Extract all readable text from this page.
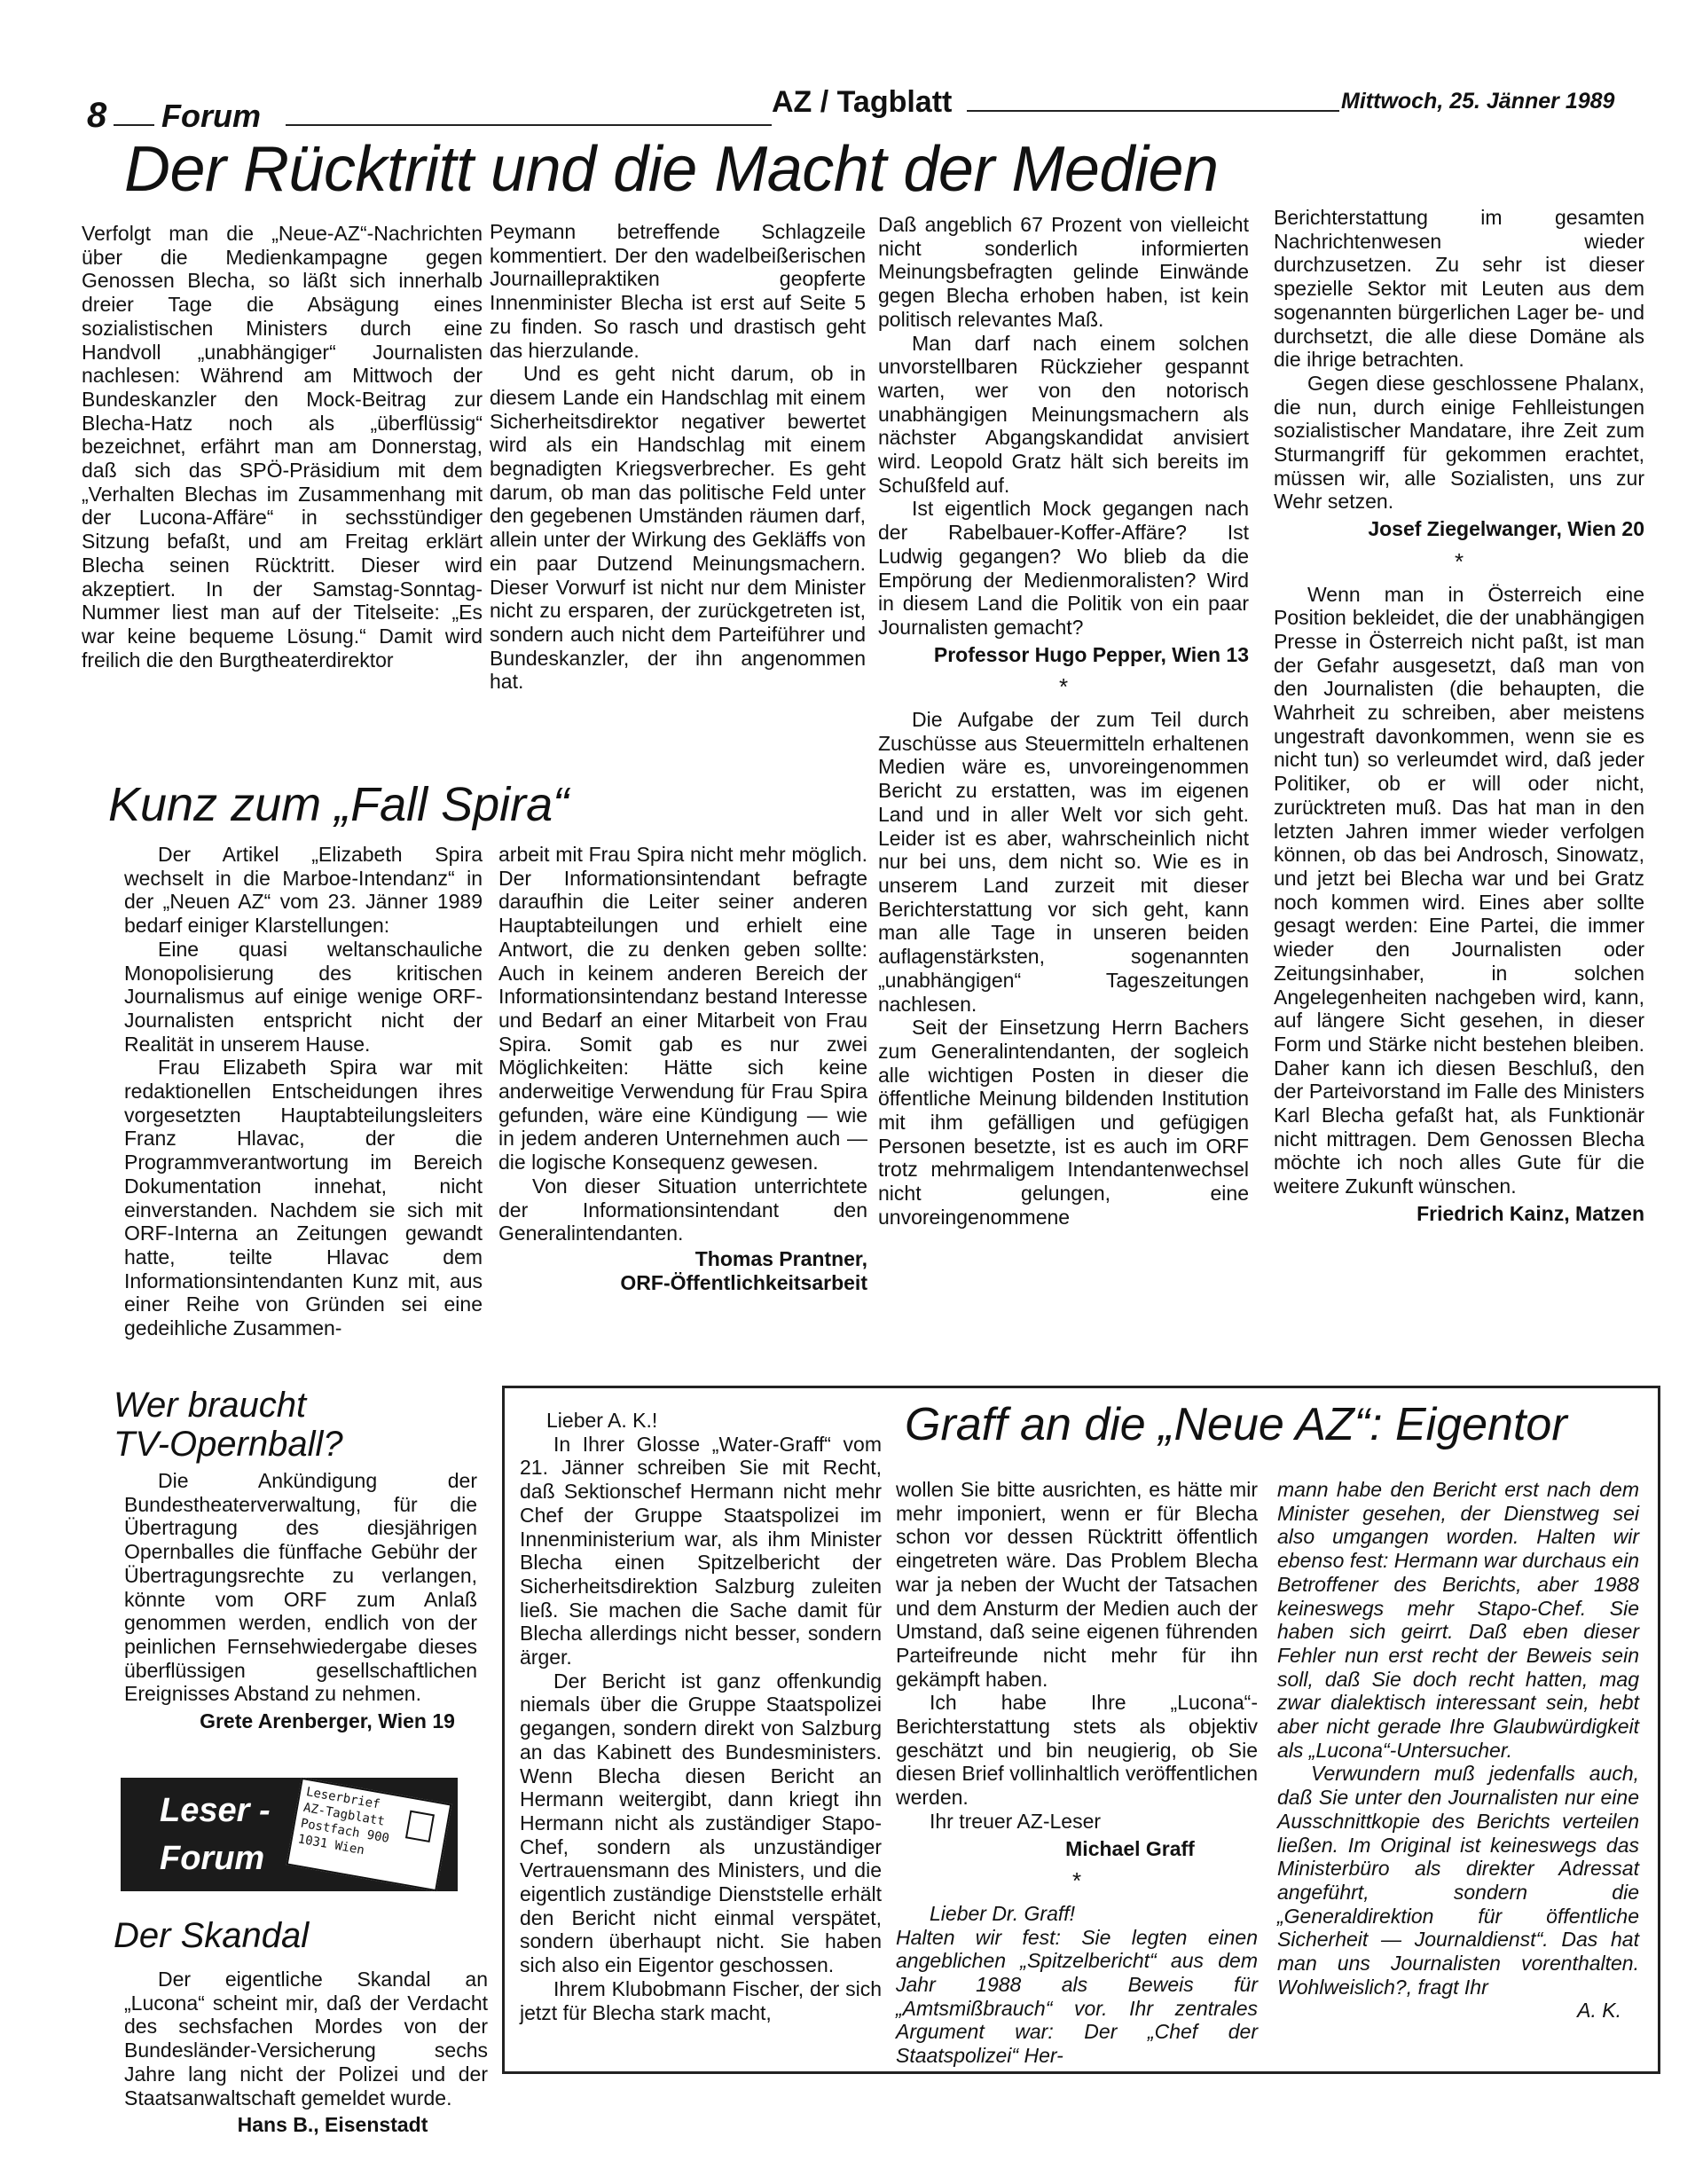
8 Forum	AZ / Tagblatt	Mittwoch, 25. Jänner 1989
Der Rücktritt und die Macht der Medien

Verfolgt man die „Neue-AZ“-Nachrichten über die Medienkampagne gegen Genossen Blecha, so läßt sich innerhalb dreier Tage die Absägung eines sozialistischen Ministers durch eine Handvoll „unabhängiger“ Journalisten nachlesen: Während am Mittwoch der Bundeskanzler den Mock-Beitrag zur Blecha-Hatz noch als „überflüssig“ bezeichnet, erfährt man am Donnerstag, daß sich das SPÖ-Präsidium mit dem „Verhalten Blechas im Zusammenhang mit der Lucona-Affäre“ in sechsstündiger Sitzung befaßt, und am Freitag erklärt Blecha seinen Rücktritt. Dieser wird akzeptiert. In der Samstag-Sonntag-Nummer liest man auf der Titelseite: „Es war keine bequeme Lösung.“ Damit wird freilich die den Burgtheaterdirektor

Peymann betreffende Schlagzeile kommentiert. Der den wadelbeißerischen Journaillepraktiken geopferte Innenminister Blecha ist erst auf Seite 5 zu finden. So rasch und drastisch geht das hierzulande.

Und es geht nicht darum, ob in diesem Lande ein Handschlag mit einem Sicherheitsdirektor negativer bewertet wird als ein Handschlag mit einem begnadigten Kriegsverbrecher. Es geht darum, ob man das politische Feld unter den gegebenen Umständen räumen darf, allein unter der Wirkung des Gekläffs von ein paar Dutzend Meinungsmachern. Dieser Vorwurf ist nicht nur dem Minister nicht zu ersparen, der zurückgetreten ist, sondern auch nicht dem Parteiführer und Bundeskanzler, der ihn angenommen hat.

Daß angeblich 67 Prozent von vielleicht nicht sonderlich informierten Meinungsbefragten gelinde Einwände gegen Blecha erhoben haben, ist kein politisch relevantes Maß.

Man darf nach einem solchen unvorstellbaren Rückzieher gespannt warten, wer von den notorisch unabhängigen Meinungsmachern als nächster Abgangskandidat anvisiert wird. Leopold Gratz hält sich bereits im Schußfeld auf.

Ist eigentlich Mock gegangen nach der Rabelbauer-Koffer-Affäre? Ist Ludwig gegangen? Wo blieb da die Empörung der Medienmoralisten? Wird in diesem Land die Politik von ein paar Journalisten gemacht?

Professor Hugo Pepper, Wien 13

*

Die Aufgabe der zum Teil durch Zuschüsse aus Steuermitteln erhaltenen Medien wäre es, unvoreingenommen Bericht zu erstatten, was im eigenen Land und in aller Welt vor sich geht. Leider ist es aber, wahrscheinlich nicht nur bei uns, dem nicht so. Wie es in unserem Land zurzeit mit dieser Berichterstattung vor sich geht, kann man alle Tage in unseren beiden auflagenstärksten, sogenannten „unabhängigen“ Tageszeitungen nachlesen.

Seit der Einsetzung Herrn Bachers zum Generalintendanten, der sogleich alle wichtigen Posten in dieser die öffentliche Meinung bildenden Institution mit ihm gefälligen und gefügigen Personen besetzte, ist es auch im ORF trotz mehrmaligem Intendantenwechsel nicht gelungen, eine unvoreingenommene

Berichterstattung im gesamten Nachrichtenwesen wieder durchzusetzen. Zu sehr ist dieser spezielle Sektor mit Leuten aus dem sogenannten bürgerlichen Lager be- und durchsetzt, die alle diese Domäne als die ihrige betrachten.

Gegen diese geschlossene Phalanx, die nun, durch einige Fehlleistungen sozialistischer Mandatare, ihre Zeit zum Sturmangriff für gekommen erachtet, müssen wir, alle Sozialisten, uns zur Wehr setzen.

Josef Ziegelwanger, Wien 20

*

Wenn man in Österreich eine Position bekleidet, die der unabhängigen Presse in Österreich nicht paßt, ist man der Gefahr ausgesetzt, daß man von den Journalisten (die behaupten, die Wahrheit zu schreiben, aber meistens ungestraft davonkommen, wenn sie es nicht tun) so verleumdet wird, daß jeder Politiker, ob er will oder nicht, zurücktreten muß. Das hat man in den letzten Jahren immer wieder verfolgen können, ob das bei Androsch, Sinowatz, und jetzt bei Blecha war und bei Gratz noch kommen wird. Eines aber sollte gesagt werden: Eine Partei, die immer wieder den Journalisten oder Zeitungsinhaber, in solchen Angelegenheiten nachgeben wird, kann, auf längere Sicht gesehen, in dieser Form und Stärke nicht bestehen bleiben. Daher kann ich diesen Beschluß, den der Parteivorstand im Falle des Ministers Karl Blecha gefaßt hat, als Funktionär nicht mittragen. Dem Genossen Blecha möchte ich noch alles Gute für die weitere Zukunft wünschen.

Friedrich Kainz, Matzen

Kunz zum „Fall Spira“

Der Artikel „Elizabeth Spira wechselt in die Marboe-Intendanz“ in der „Neuen AZ“ vom 23. Jänner 1989 bedarf einiger Klarstellungen:

Eine quasi weltanschauliche Monopolisierung des kritischen Journalismus auf einige wenige ORF-Journalisten entspricht nicht der Realität in unserem Hause.

Frau Elizabeth Spira war mit redaktionellen Entscheidungen ihres vorgesetzten Hauptabteilungsleiters Franz Hlavac, der die Programmverantwortung im Bereich Dokumentation innehat, nicht einverstanden. Nachdem sie sich mit ORF-Interna an Zeitungen gewandt hatte, teilte Hlavac dem Informationsintendanten Kunz mit, aus einer Reihe von Gründen sei eine gedeihliche Zusammen-

arbeit mit Frau Spira nicht mehr möglich. Der Informationsintendant befragte daraufhin die Leiter seiner anderen Hauptabteilungen und erhielt eine Antwort, die zu denken geben sollte: Auch in keinem anderen Bereich der Informationsintendanz bestand Interesse und Bedarf an einer Mitarbeit von Frau Spira. Somit gab es nur zwei Möglichkeiten: Hätte sich keine anderweitige Verwendung für Frau Spira gefunden, wäre eine Kündigung — wie in jedem anderen Unternehmen auch — die logische Konsequenz gewesen.

Von dieser Situation unterrichtete der Informationsintendant den Generalintendanten.

Thomas Prantner,

ORF-Öffentlichkeitsarbeit

Wer braucht
TV-Opernball?

Die Ankündigung der Bundestheaterverwaltung, für die Übertragung des diesjährigen Opernballes die fünffache Gebühr der Übertragungsrechte zu verlangen, könnte vom ORF zum Anlaß genommen werden, endlich von der peinlichen Fernsehwiedergabe dieses überflüssigen gesellschaftlichen Ereignisses Abstand zu nehmen.

Grete Arenberger, Wien 19

Leser -
Forum
Leserbrief AZ-Tagblatt Postfach 900 1031 Wien
Der Skandal

Der eigentliche Skandal an „Lucona“ scheint mir, daß der Verdacht des sechsfachen Mordes von der Bundesländer-Versicherung sechs Jahre lang nicht der Polizei und der Staatsanwaltschaft gemeldet wurde.

Hans B., Eisenstadt

Graff an die „Neue AZ“: Eigentor

Lieber A. K.!

In Ihrer Glosse „Water-Graff“ vom 21. Jänner schreiben Sie mit Recht, daß Sektionschef Hermann nicht mehr Chef der Gruppe Staatspolizei im Innenministerium war, als ihm Minister Blecha einen Spitzelbericht der Sicherheitsdirektion Salzburg zuleiten ließ. Sie machen die Sache damit für Blecha allerdings nicht besser, sondern ärger.

Der Bericht ist ganz offenkundig niemals über die Gruppe Staatspolizei gegangen, sondern direkt von Salzburg an das Kabinett des Bundesministers. Wenn Blecha diesen Bericht an Hermann weitergibt, dann kriegt ihn Hermann nicht als zuständiger Stapo-Chef, sondern als unzuständiger Vertrauensmann des Ministers, und die eigentlich zuständige Dienststelle erhält den Bericht nicht einmal verspätet, sondern überhaupt nicht. Sie haben sich also ein Eigentor geschossen.

Ihrem Klubobmann Fischer, der sich jetzt für Blecha stark macht,

wollen Sie bitte ausrichten, es hätte mir mehr imponiert, wenn er für Blecha schon vor dessen Rücktritt öffentlich eingetreten wäre. Das Problem Blecha war ja neben der Wucht der Tatsachen und dem Ansturm der Medien auch der Umstand, daß seine eigenen führenden Parteifreunde nicht mehr für ihn gekämpft haben.

Ich habe Ihre „Lucona“-Berichterstattung stets als objektiv geschätzt und bin neugierig, ob Sie diesen Brief vollinhaltlich veröffentlichen werden.

Ihr treuer AZ-Leser

Michael Graff

*

Lieber Dr. Graff!

Halten wir fest: Sie legten einen angeblichen „Spitzelbericht“ aus dem Jahr 1988 als Beweis für „Amtsmißbrauch“ vor. Ihr zentrales Argument war: Der „Chef der Staatspolizei“ Her-

mann habe den Bericht erst nach dem Minister gesehen, der Dienstweg sei also umgangen worden. Halten wir ebenso fest: Hermann war durchaus ein Betroffener des Berichts, aber 1988 keineswegs mehr Stapo-Chef. Sie haben sich geirrt. Daß eben dieser Fehler nun erst recht der Beweis sein soll, daß Sie doch recht hatten, mag zwar dialektisch interessant sein, hebt aber nicht gerade Ihre Glaubwürdigkeit als „Lucona“-Untersucher.

Verwundern muß jedenfalls auch, daß Sie unter den Journalisten nur eine Ausschnittkopie des Berichts verteilen ließen. Im Original ist keineswegs das Ministerbüro als direkter Adressat angeführt, sondern die „Generaldirektion für öffentliche Sicherheit — Journaldienst“. Das hat man uns Journalisten vorenthalten. Wohlweislich?, fragt Ihr

A. K.
